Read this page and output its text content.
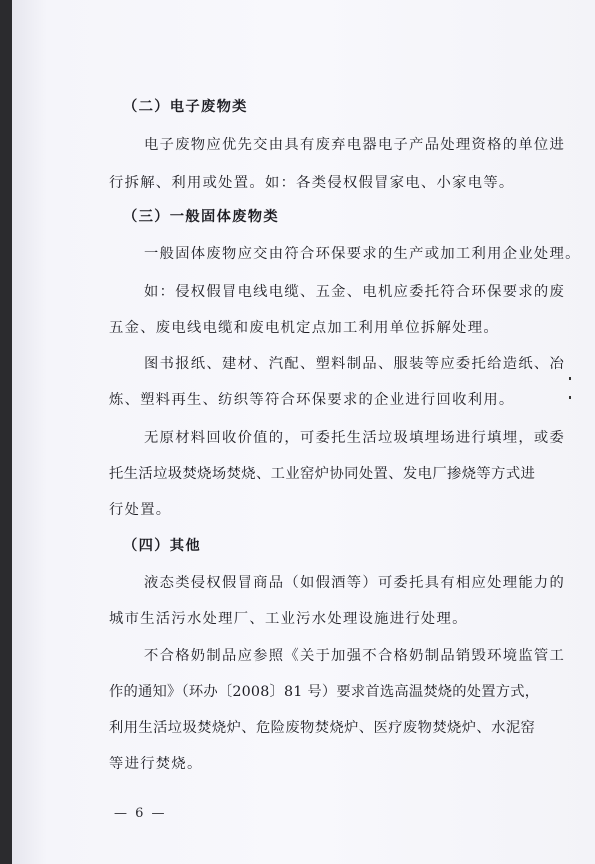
（二）电子废物类
电子废物应优先交由具有废弃电器电子产品处理资格的单位进
行拆解、利用或处置。如：各类侵权假冒家电、小家电等。
（三）一般固体废物类
一般固体废物应交由符合环保要求的生产或加工利用企业处理。
如：侵权假冒电线电缆、五金、电机应委托符合环保要求的废
五金、废电线电缆和废电机定点加工利用单位拆解处理。
图书报纸、建材、汽配、塑料制品、服装等应委托给造纸、冶
炼、塑料再生、纺织等符合环保要求的企业进行回收利用。
无原材料回收价值的，可委托生活垃圾填埋场进行填埋，或委
托生活垃圾焚烧场焚烧、工业窑炉协同处置、发电厂掺烧等方式进
行处置。
（四）其他
液态类侵权假冒商品（如假酒等）可委托具有相应处理能力的
城市生活污水处理厂、工业污水处理设施进行处理。
不合格奶制品应参照《关于加强不合格奶制品销毁环境监管工
作的通知》（环办〔2008〕81 号）要求首选高温焚烧的处置方式，
利用生活垃圾焚烧炉、危险废物焚烧炉、医疗废物焚烧炉、水泥窑
等进行焚烧。
— 6 —
